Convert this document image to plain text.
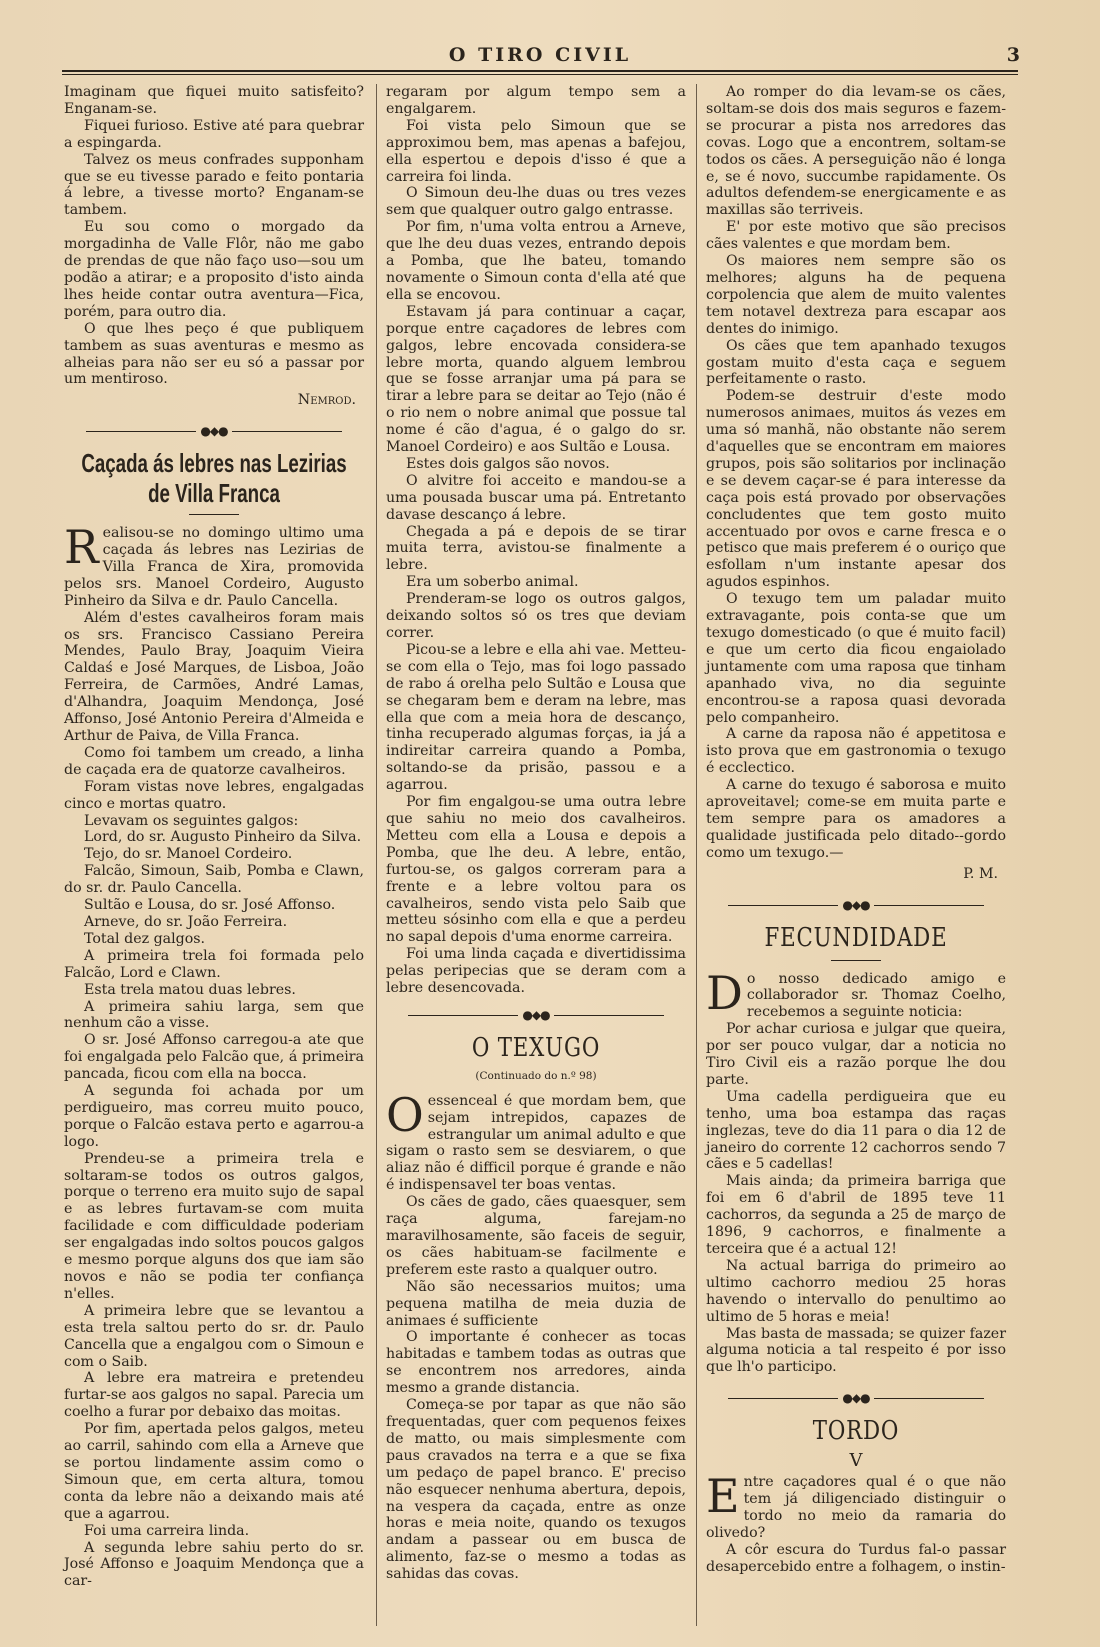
O TIRO CIVIL	3

Imaginam que fiquei muito satisfeito? Enganam-se.

Fiquei furioso. Estive até para quebrar a espingarda.

Talvez os meus confrades supponham que se eu tivesse parado e feito pontaria á lebre, a tivesse morto? Enganam-se tambem.

Eu sou como o morgado da morgadinha de Valle Flôr, não me gabo de prendas de que não faço uso—sou um podão a atirar; e a proposito d'isto ainda lhes heide contar outra aventura—Fica, porém, para outro dia.

O que lhes peço é que publiquem tambem as suas aventuras e mesmo as alheias para não ser eu só a passar por um mentiroso.

Nemrod.
●◆●
Caçada ás lebres nas Lezirias de Villa Franca

Realisou-se no domingo ultimo uma caçada ás lebres nas Lezirias de Villa Franca de Xira, promovida pelos srs. Manoel Cordeiro, Augusto Pinheiro da Silva e dr. Paulo Cancella.

Além d'estes cavalheiros foram mais os srs. Francisco Cassiano Pereira Mendes, Paulo Bray, Joaquim Vieira Caldaś e José Marques, de Lisboa, João Ferreira, de Carmões, André Lamas, d'Alhandra, Joaquim Mendonça, José Affonso, José Antonio Pereira d'Almeida e Arthur de Paiva, de Villa Franca.

Como foi tambem um creado, a linha de caçada era de quatorze cavalheiros.

Foram vistas nove lebres, engalgadas cinco e mortas quatro.

Levavam os seguintes galgos:

Lord, do sr. Augusto Pinheiro da Silva.

Tejo, do sr. Manoel Cordeiro.

Falcão, Simoun, Saib, Pomba e Clawn, do sr. dr. Paulo Cancella.

Sultão e Lousa, do sr. José Affonso.

Arneve, do sr. João Ferreira.

Total dez galgos.

A primeira trela foi formada pelo Falcão, Lord e Clawn.

Esta trela matou duas lebres.

A primeira sahiu larga, sem que nenhum cão a visse.

O sr. José Affonso carregou-a ate que foi engalgada pelo Falcão que, á primeira pancada, ficou com ella na bocca.

A segunda foi achada por um perdigueiro, mas correu muito pouco, porque o Falcão estava perto e agarrou-a logo.

Prendeu-se a primeira trela e soltaram-se todos os outros galgos, porque o terreno era muito sujo de sapal e as lebres furtavam-se com muita facilidade e com difficuldade poderiam ser engalgadas indo soltos poucos galgos e mesmo porque alguns dos que iam são novos e não se podia ter confiança n'elles.

A primeira lebre que se levantou a esta trela saltou perto do sr. dr. Paulo Cancella que a engalgou com o Simoun e com o Saib.

A lebre era matreira e pretendeu furtar-se aos galgos no sapal. Parecia um coelho a furar por debaixo das moitas.

Por fim, apertada pelos galgos, meteu ao carril, sahindo com ella a Arneve que se portou lindamente assim como o Simoun que, em certa altura, tomou conta da lebre não a deixando mais até que a agarrou.

Foi uma carreira linda.

A segunda lebre sahiu perto do sr. José Affonso e Joaquim Mendonça que a car-

regaram por algum tempo sem a engalgarem.

Foi vista pelo Simoun que se approximou bem, mas apenas a bafejou, ella espertou e depois d'isso é que a carreira foi linda.

O Simoun deu-lhe duas ou tres vezes sem que qualquer outro galgo entrasse.

Por fim, n'uma volta entrou a Arneve, que lhe deu duas vezes, entrando depois a Pomba, que lhe bateu, tomando novamente o Simoun conta d'ella até que ella se encovou.

Estavam já para continuar a caçar, porque entre caçadores de lebres com galgos, lebre encovada considera-se lebre morta, quando alguem lembrou que se fosse arranjar uma pá para se tirar a lebre para se deitar ao Tejo (não é o rio nem o nobre animal que possue tal nome é cão d'agua, é o galgo do sr. Manoel Cordeiro) e aos Sultão e Lousa.

Estes dois galgos são novos.

O alvitre foi acceito e mandou-se a uma pousada buscar uma pá. Entretanto davase descanço á lebre.

Chegada a pá e depois de se tirar muita terra, avistou-se finalmente a lebre.

Era um soberbo animal.

Prenderam-se logo os outros galgos, deixando soltos só os tres que deviam correr.

Picou-se a lebre e ella ahi vae. Metteu-se com ella o Tejo, mas foi logo passado de rabo á orelha pelo Sultão e Lousa que se chegaram bem e deram na lebre, mas ella que com a meia hora de descanço, tinha recuperado algumas forças, ia já a indireitar carreira quando a Pomba, soltando-se da prisão, passou e a agarrou.

Por fim engalgou-se uma outra lebre que sahiu no meio dos cavalheiros. Metteu com ella a Lousa e depois a Pomba, que lhe deu. A lebre, então, furtou-se, os galgos correram para a frente e a lebre voltou para os cavalheiros, sendo vista pelo Saib que metteu sósinho com ella e que a perdeu no sapal depois d'uma enorme carreira.

Foi uma linda caçada e divertidissima pelas peripecias que se deram com a lebre desencovada.

●◆●
O TEXUGO
(Continuado do n.º 98)

Oessenceal é que mordam bem, que sejam intrepidos, capazes de estrangular um animal adulto e que sigam o rasto sem se desviarem, o que aliaz não é difficil porque é grande e não é indispensavel ter boas ventas.

Os cães de gado, cães quaesquer, sem raça alguma, farejam-no maravilhosamente, são faceis de seguir, os cães habituam-se facilmente e preferem este rasto a qualquer outro.

Não são necessarios muitos; uma pequena matilha de meia duzia de animaes é sufficiente

O importante é conhecer as tocas habitadas e tambem todas as outras que se encontrem nos arredores, ainda mesmo a grande distancia.

Começa-se por tapar as que não são frequentadas, quer com pequenos feixes de matto, ou mais simplesmente com paus cravados na terra e a que se fixa um pedaço de papel branco. E' preciso não esquecer nenhuma abertura, depois, na vespera da caçada, entre as onze horas e meia noite, quando os texugos andam a passear ou em busca de alimento, faz-se o mesmo a todas as sahidas das covas.

Ao romper do dia levam-se os cães, soltam-se dois dos mais seguros e fazem-se procurar a pista nos arredores das covas. Logo que a encontrem, soltam-se todos os cães. A perseguição não é longa e, se é novo, succumbe rapidamente. Os adultos defendem-se energicamente e as maxillas são terriveis.

E' por este motivo que são precisos cães valentes e que mordam bem.

Os maiores nem sempre são os melhores; alguns ha de pequena corpolencia que alem de muito valentes tem notavel dextreza para escapar aos dentes do inimigo.

Os cães que tem apanhado texugos gostam muito d'esta caça e seguem perfeitamente o rasto.

Podem-se destruir d'este modo numerosos animaes, muitos ás vezes em uma só manhã, não obstante não serem d'aquelles que se encontram em maiores grupos, pois são solitarios por inclinação e se devem caçar-se é para interesse da caça pois está provado por observações concludentes que tem gosto muito accentuado por ovos e carne fresca e o petisco que mais preferem é o ouriço que esfollam n'um instante apesar dos agudos espinhos.

O texugo tem um paladar muito extravagante, pois conta-se que um texugo domesticado (o que é muito facil) e que um certo dia ficou engaiolado juntamente com uma raposa que tinham apanhado viva, no dia seguinte encontrou-se a raposa quasi devorada pelo companheiro.

A carne da raposa não é appetitosa e isto prova que em gastronomia o texugo é ecclectico.

A carne do texugo é saborosa e muito aproveitavel; come-se em muita parte e tem sempre para os amadores a qualidade justificada pelo ditado--gordo como um texugo.—

P. M.
●◆●
FECUNDIDADE

Do nosso dedicado amigo e collaborador sr. Thomaz Coelho, recebemos a seguinte noticia:

Por achar curiosa e julgar que queira, por ser pouco vulgar, dar a noticia no Tiro Civil eis a razão porque lhe dou parte.

Uma cadella perdigueira que eu tenho, uma boa estampa das raças inglezas, teve do dia 11 para o dia 12 de janeiro do corrente 12 cachorros sendo 7 cães e 5 cadellas!

Mais ainda; da primeira barriga que foi em 6 d'abril de 1895 teve 11 cachorros, da segunda a 25 de março de 1896, 9 cachorros, e finalmente a terceira que é a actual 12!

Na actual barriga do primeiro ao ultimo cachorro mediou 25 horas havendo o intervallo do penultimo ao ultimo de 5 horas e meia!

Mas basta de massada; se quizer fazer alguma noticia a tal respeito é por isso que lh'o participo.

●◆●
TORDO
V

Entre caçadores qual é o que não tem já diligenciado distinguir o tordo no meio da ramaria do olivedo?

A côr escura do Turdus fal-o passar desapercebido entre a folhagem, o instin-
